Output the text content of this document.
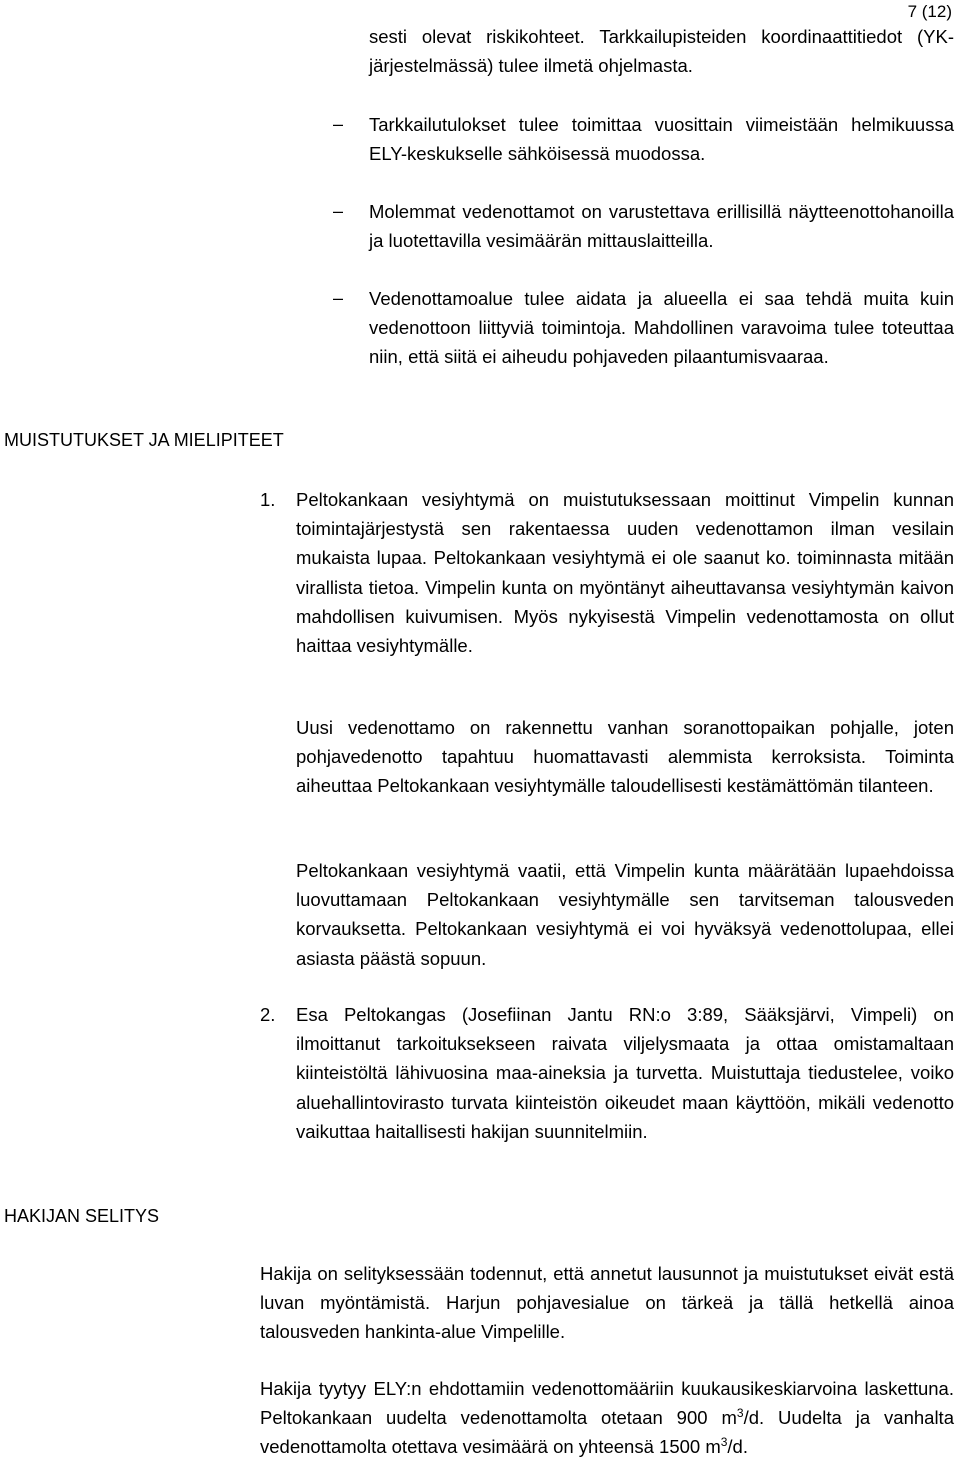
7 (12)
sesti olevat riskikohteet. Tarkkailupisteiden koordinaattitiedot (YK-järjestelmässä) tulee ilmetä ohjelmasta.
– Tarkkailutulokset tulee toimittaa vuosittain viimeistään helmikuussa ELY-keskukselle sähköisessä muodossa.
– Molemmat vedenottamot on varustettava erillisillä näytteenottohanoilla ja luotettavilla vesimäärän mittauslaitteilla.
– Vedenottamoalue tulee aidata ja alueella ei saa tehdä muita kuin vedenottoon liittyviä toimintoja. Mahdollinen varavoima tulee toteuttaa niin, että siitä ei aiheudu pohjaveden pilaantumisvaaraa.
MUISTUTUKSET JA MIELIPITEET
1.	Peltokankaan vesiyhtymä on muistutuksessaan moittinut Vimpelin kunnan toimintajärjestystä sen rakentaessa uuden vedenottamon ilman vesilain mukaista lupaa. Peltokankaan vesiyhtymä ei ole saanut ko. toiminnasta mitään virallista tietoa. Vimpelin kunta on myöntänyt aiheuttavansa vesiyhtymän kaivon mahdollisen kuivumisen. Myös nykyisestä Vimpelin vedenottamosta on ollut haittaa vesiyhtymälle.
Uusi vedenottamo on rakennettu vanhan soranottopaikan pohjalle, joten pohjavedenotto tapahtuu huomattavasti alemmista kerroksista. Toiminta aiheuttaa Peltokankaan vesiyhtymälle taloudellisesti kestämättömän tilanteen.
Peltokankaan vesiyhtymä vaatii, että Vimpelin kunta määrätään lupaehdoissa luovuttamaan Peltokankaan vesiyhtymälle sen tarvitseman talousveden korvauksetta. Peltokankaan vesiyhtymä ei voi hyväksyä vedenottolupaa, ellei asiasta päästä sopuun.
2.	Esa Peltokangas (Josefiinan Jantu RN:o 3:89, Sääksjärvi, Vimpeli) on ilmoittanut tarkoituksekseen raivata viljelysmaata ja ottaa omistamaltaan kiinteistöltä lähivuosina maa-aineksia ja turvetta. Muistuttaja tiedustelee, voiko aluehallintovirasto turvata kiinteistön oikeudet maan käyttöön, mikäli vedenotto vaikuttaa haitallisesti hakijan suunnitelmiin.
HAKIJAN SELITYS
Hakija on selityksessään todennut, että annetut lausunnot ja muistutukset eivät estä luvan myöntämistä. Harjun pohjavesialue on tärkeä ja tällä hetkellä ainoa talousveden hankinta-alue Vimpelille.
Hakija tyytyy ELY:n ehdottamiin vedenottomääriin kuukausikeskiarvoina laskettuna. Peltokankaan uudelta vedenottamolta otetaan 900 $m^3/d$. Uudelta ja vanhalta vedenottamolta otettava vesimäärä on yhteensä 1500 $m^3/d$.
